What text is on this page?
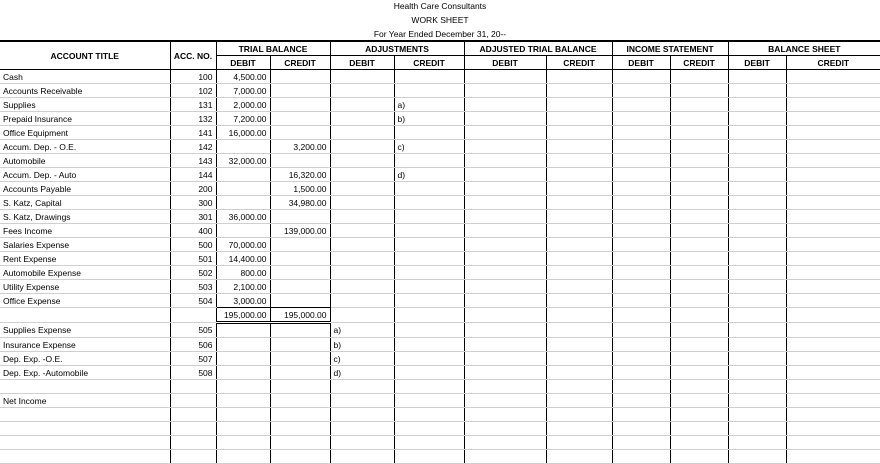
Health Care Consultants
WORK SHEET
For Year Ended December 31, 20--
ACCOUNT TITLE	ACC. NO.	TRIAL BALANCE		ADJUSTMENTS		ADJUSTED TRIAL BALANCE		INCOME STATEMENT		BALANCE SHEET	
		DEBIT	CREDIT	DEBIT	CREDIT	DEBIT	CREDIT	DEBIT	CREDIT	DEBIT	CREDIT
Cash	100	4,500.00									
Accounts Receivable	102	7,000.00									
Supplies	131	2,000.00			a)						
Prepaid Insurance	132	7,200.00			b)						
Office Equipment	141	16,000.00									
Accum. Dep. - O.E.	142		3,200.00		c)						
Automobile	143	32,000.00									
Accum. Dep. - Auto	144		16,320.00		d)						
Accounts Payable	200		1,500.00								
S. Katz, Capital	300		34,980.00								
S. Katz, Drawings	301	36,000.00									
Fees Income	400		139,000.00								
Salaries Expense	500	70,000.00									
Rent Expense	501	14,400.00									
Automobile Expense	502	800.00									
Utility Expense	503	2,100.00									
Office Expense	504	3,000.00									
		195,000.00	195,000.00								
Supplies Expense	505			a)							
Insurance Expense	506			b)							
Dep. Exp. -O.E.	507			c)							
Dep. Exp. -Automobile	508			d)							

Net Income											
